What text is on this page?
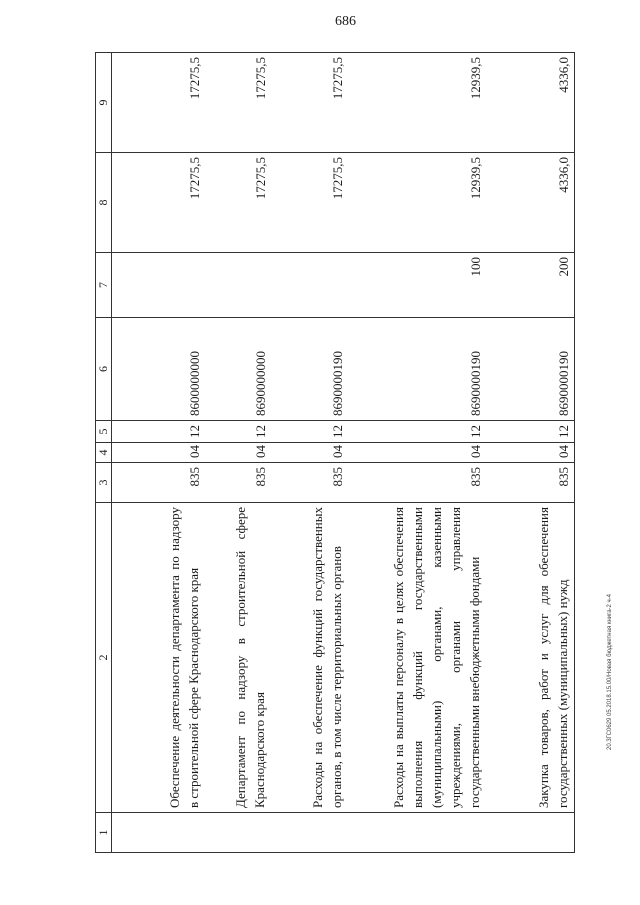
686
1	2	3	4	5	6	7	8	9
	Обеспечение деятельности департамента по надзору в строительной сфере Краснодарского края	835	04	12	8600000000		17275,5	17275,5
	Департамент по надзору в строительной сфере Краснодарского края	835	04	12	8690000000		17275,5	17275,5
	Расходы на обеспечение функций государственных органов, в том числе территориальных органов	835	04	12	8690000190		17275,5	17275,5
	Расходы на выплаты персоналу в целях обеспечения выполнения функций государственными (муниципальными) органами, казенными учреждениями, органами управления государственными внебюджетными фондами	835	04	12	8690000190	100	12939,5	12939,5
	Закупка товаров, работ и услуг для обеспечения государственных (муниципальных) нужд	835	04	12	8690000190	200	4336,0	4336,0
20.3ГС0629 05.2018.15.00/Новая бюджетная книга-2 ч-4
